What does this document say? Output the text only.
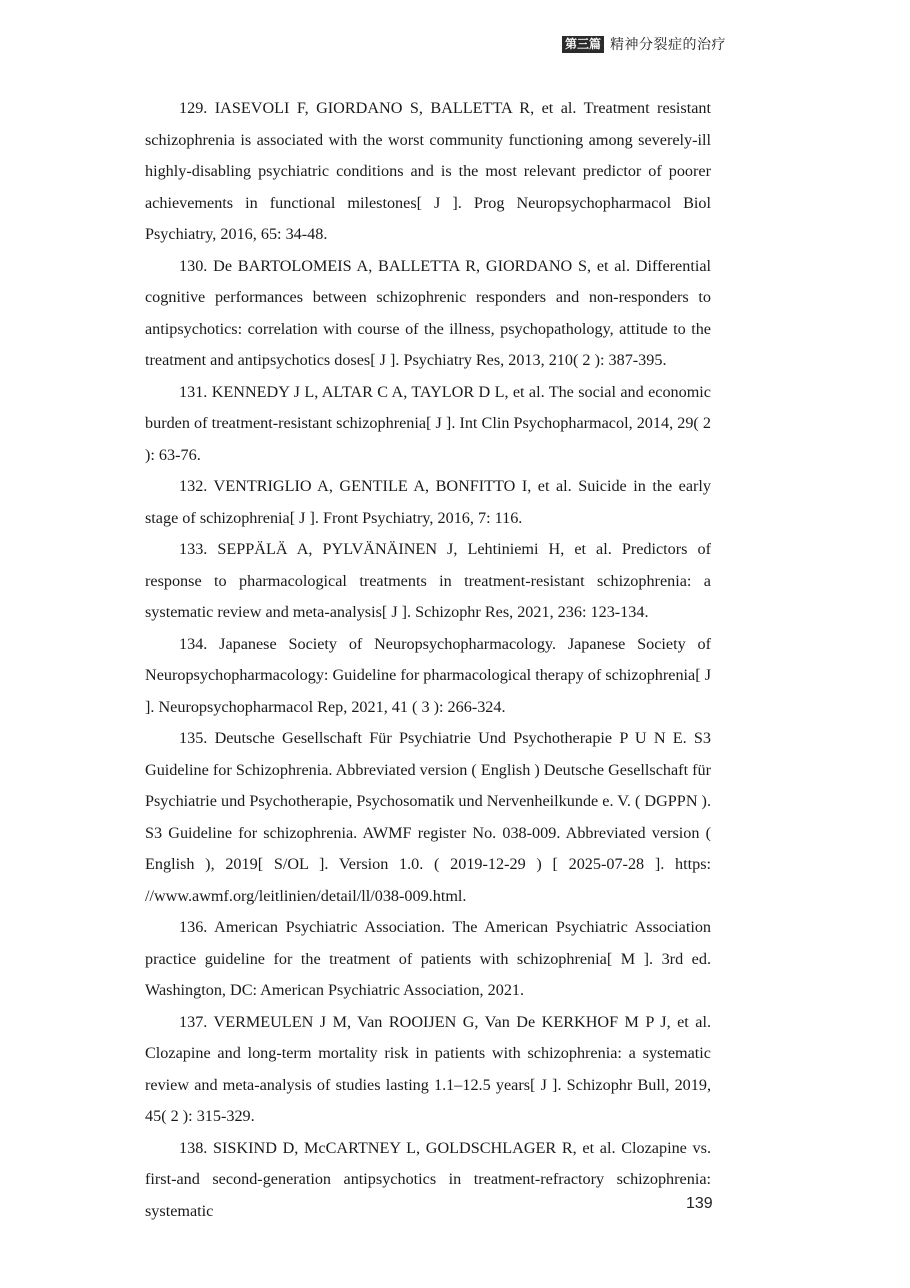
第三篇 精神分裂症的治疗

129. IASEVOLI F, GIORDANO S, BALLETTA R, et al. Treatment resistant schizophrenia is associated with the worst community functioning among severely-ill highly-disabling psychiatric conditions and is the most relevant predictor of poorer achievements in functional milestones[ J ]. Prog Neuropsychopharmacol Biol Psychiatry, 2016, 65: 34-48.

130. De BARTOLOMEIS A, BALLETTA R, GIORDANO S, et al. Differential cognitive performances between schizophrenic responders and non-responders to antipsychotics: correlation with course of the illness, psychopathology, attitude to the treatment and antipsychotics doses[ J ]. Psychiatry Res, 2013, 210( 2 ): 387-395.

131. KENNEDY J L, ALTAR C A, TAYLOR D L, et al. The social and economic burden of treatment-resistant schizophrenia[ J ]. Int Clin Psychopharmacol, 2014, 29( 2 ): 63-76.

132. VENTRIGLIO A, GENTILE A, BONFITTO I, et al. Suicide in the early stage of schizophrenia[ J ]. Front Psychiatry, 2016, 7: 116.

133. SEPPÄLÄ A, PYLVÄNÄINEN J, Lehtiniemi H, et al. Predictors of response to pharmacological treatments in treatment-resistant schizophrenia: a systematic review and meta-analysis[ J ]. Schizophr Res, 2021, 236: 123-134.

134. Japanese Society of Neuropsychopharmacology. Japanese Society of Neuropsychopharmacology: Guideline for pharmacological therapy of schizophrenia[ J ]. Neuropsychopharmacol Rep, 2021, 41 ( 3 ): 266-324.

135. Deutsche Gesellschaft Für Psychiatrie Und Psychotherapie P U N E. S3 Guideline for Schizophrenia. Abbreviated version ( English ) Deutsche Gesellschaft für Psychiatrie und Psychotherapie, Psychosomatik und Nervenheilkunde e. V. ( DGPPN ). S3 Guideline for schizophrenia. AWMF register No. 038-009. Abbreviated version ( English ), 2019[ S/OL ]. Version 1.0. ( 2019-12-29 ) [ 2025-07-28 ]. https: //www.awmf.org/leitlinien/detail/ll/038-009.html.

136. American Psychiatric Association. The American Psychiatric Association practice guideline for the treatment of patients with schizophrenia[ M ]. 3rd ed. Washington, DC: American Psychiatric Association, 2021.

137. VERMEULEN J M, Van ROOIJEN G, Van De KERKHOF M P J, et al. Clozapine and long-term mortality risk in patients with schizophrenia: a systematic review and meta-analysis of studies lasting 1.1–12.5 years[ J ]. Schizophr Bull, 2019, 45( 2 ): 315-329.

138. SISKIND D, McCARTNEY L, GOLDSCHLAGER R, et al. Clozapine vs. first-and second-generation antipsychotics in treatment-refractory schizophrenia: systematic	139
